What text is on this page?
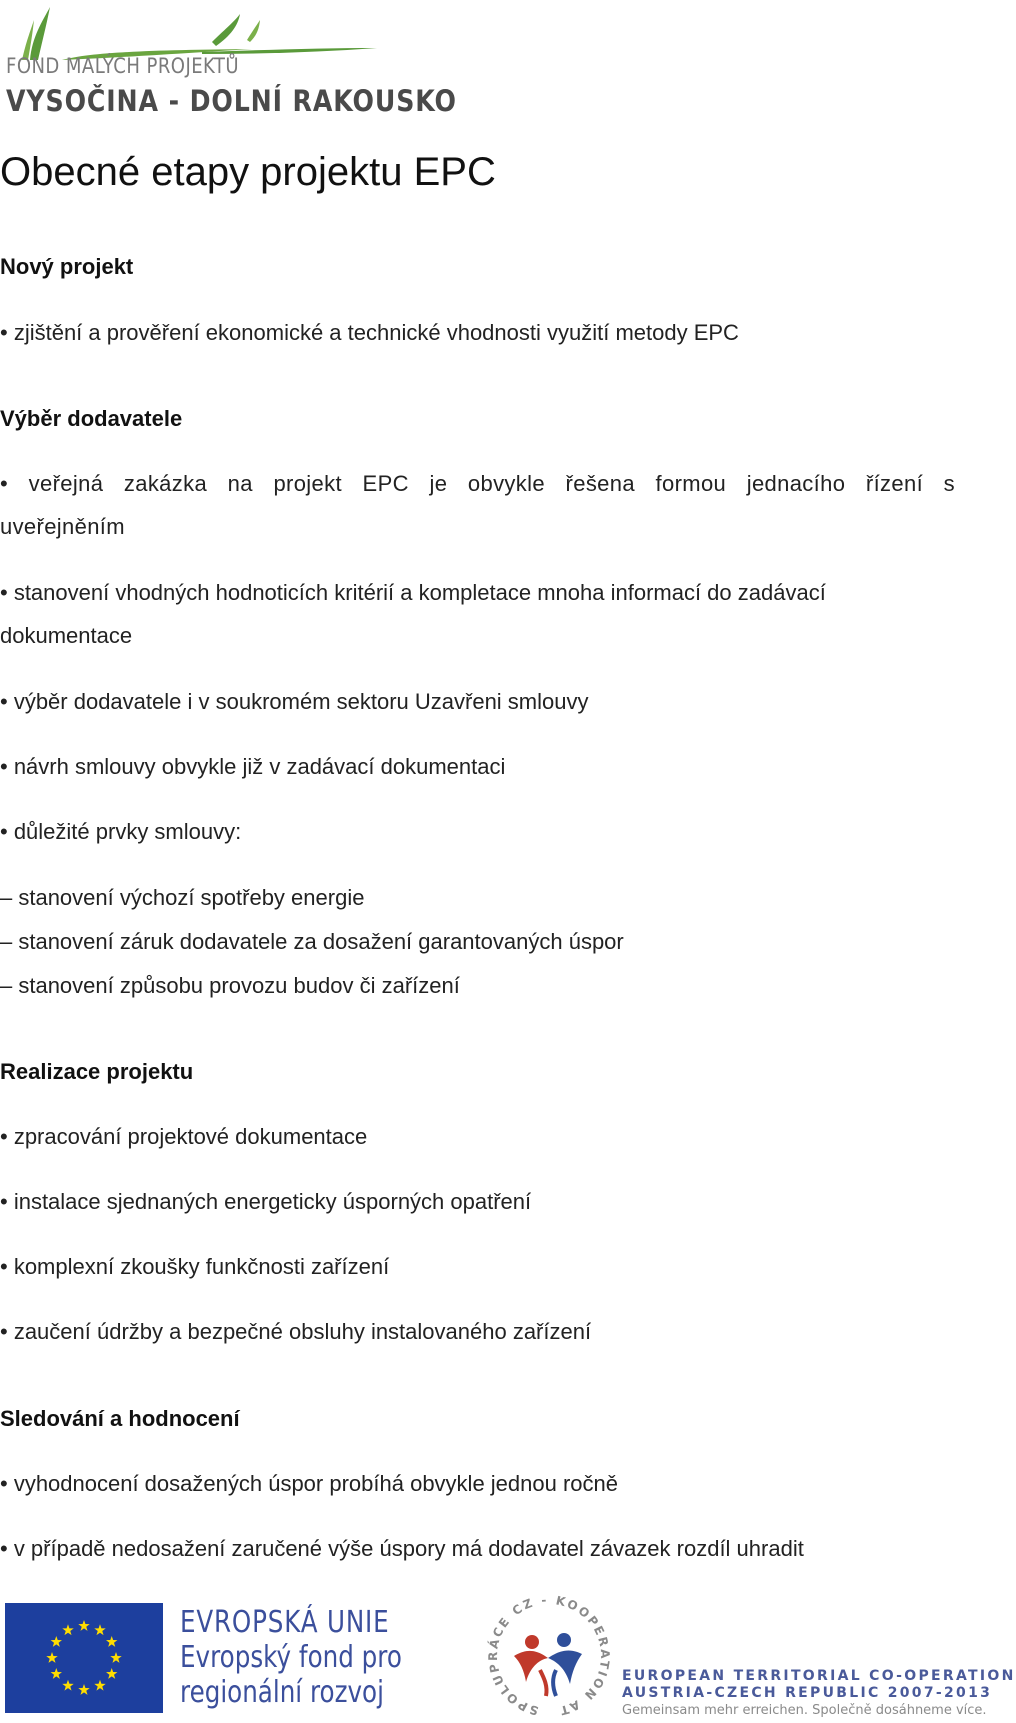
FOND MALÝCH PROJEKTŮ
VYSOČINA - DOLNÍ RAKOUSKO
Obecné etapy projektu EPC
Nový projekt

• zjištění a prověření ekonomické a technické vhodnosti využití metody EPC

Výběr dodavatele

• veřejná zakázka na projekt EPC je obvykle řešena formou jednacího řízení s uveřejněním

• stanovení vhodných hodnoticích kritérií a kompletace mnoha informací do zadávací dokumentace

• výběr dodavatele i v soukromém sektoru Uzavřeni smlouvy

• návrh smlouvy obvykle již v zadávací dokumentaci

• důležité prvky smlouvy:

– stanovení výchozí spotřeby energie

– stanovení záruk dodavatele za dosažení garantovaných úspor

– stanovení způsobu provozu budov či zařízení

Realizace projektu

• zpracování projektové dokumentace

• instalace sjednaných energeticky úsporných opatření

• komplexní zkoušky funkčnosti zařízení

• zaučení údržby a bezpečné obsluhy instalovaného zařízení

Sledování a hodnocení

• vyhodnocení dosažených úspor probíhá obvykle jednou ročně

• v případě nedosažení zaručené výše úspory má dodavatel závazek rozdíl uhradit

EVROPSKÁ UNIE
Evropský fond pro
regionální rozvoj	SPOLUPRÁCE CZ - KOOPERATION AT
EUROPEAN TERRITORIAL CO-OPERATION
AUSTRIA-CZECH REPUBLIC 2007-2013
Gemeinsam mehr erreichen. Společně dosáhneme více.
